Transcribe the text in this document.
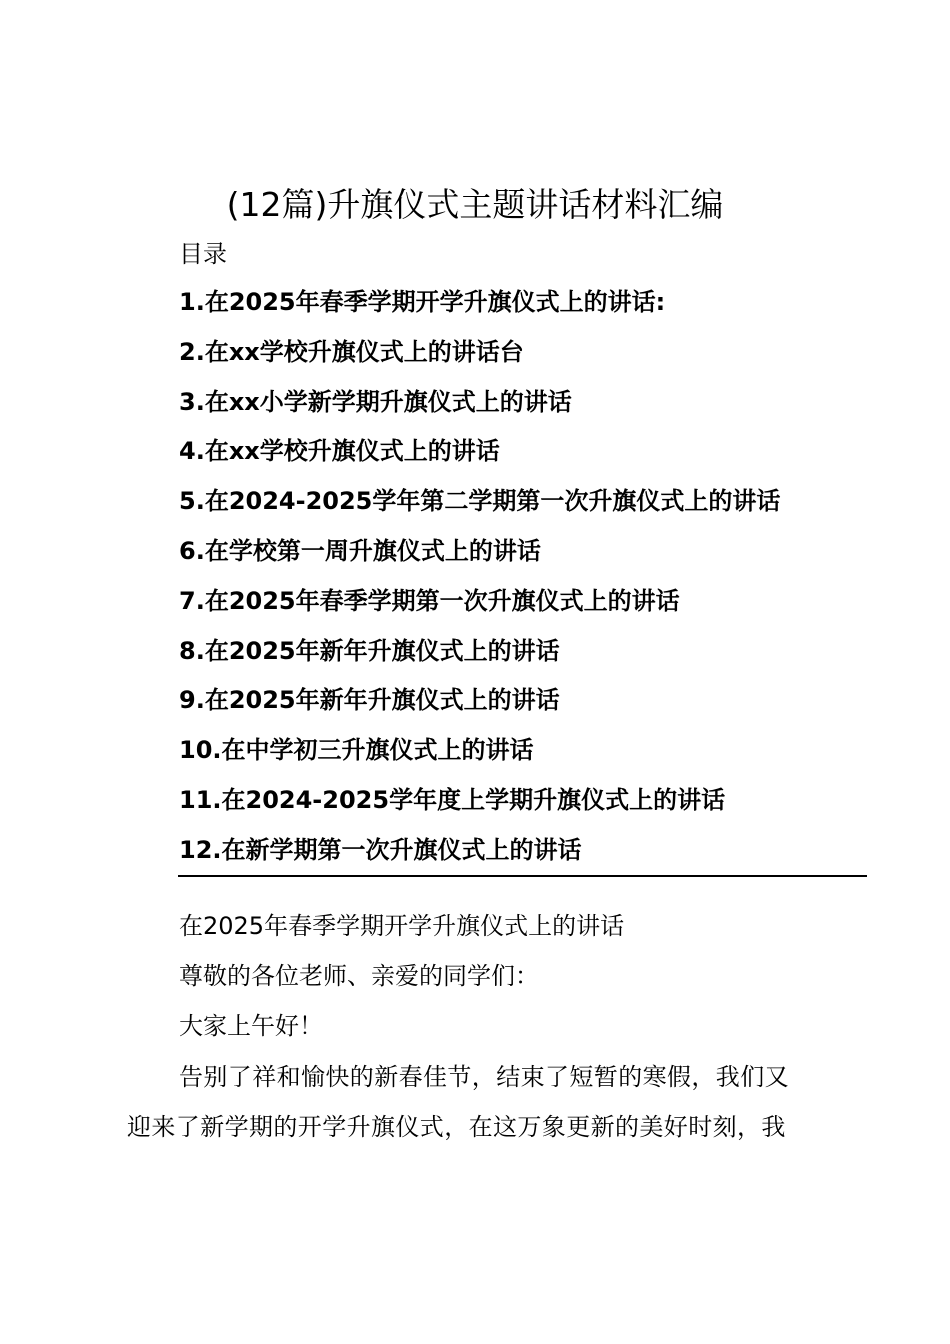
(12篇)升旗仪式主题讲话材料汇编
目录
1.在2025年春季学期开学升旗仪式上的讲话:
2.在xx学校升旗仪式上的讲话台
3.在xx小学新学期升旗仪式上的讲话
4.在xx学校升旗仪式上的讲话
5.在2024-2025学年第二学期第一次升旗仪式上的讲话
6.在学校第一周升旗仪式上的讲话
7.在2025年春季学期第一次升旗仪式上的讲话
8.在2025年新年升旗仪式上的讲话
9.在2025年新年升旗仪式上的讲话
10.在中学初三升旗仪式上的讲话
11.在2024-2025学年度上学期升旗仪式上的讲话
12.在新学期第一次升旗仪式上的讲话
在2025年春季学期开学升旗仪式上的讲话
尊敬的各位老师、亲爱的同学们：
大家上午好！
告别了祥和愉快的新春佳节，结束了短暂的寒假，我们又
迎来了新学期的开学升旗仪式，在这万象更新的美好时刻，我
